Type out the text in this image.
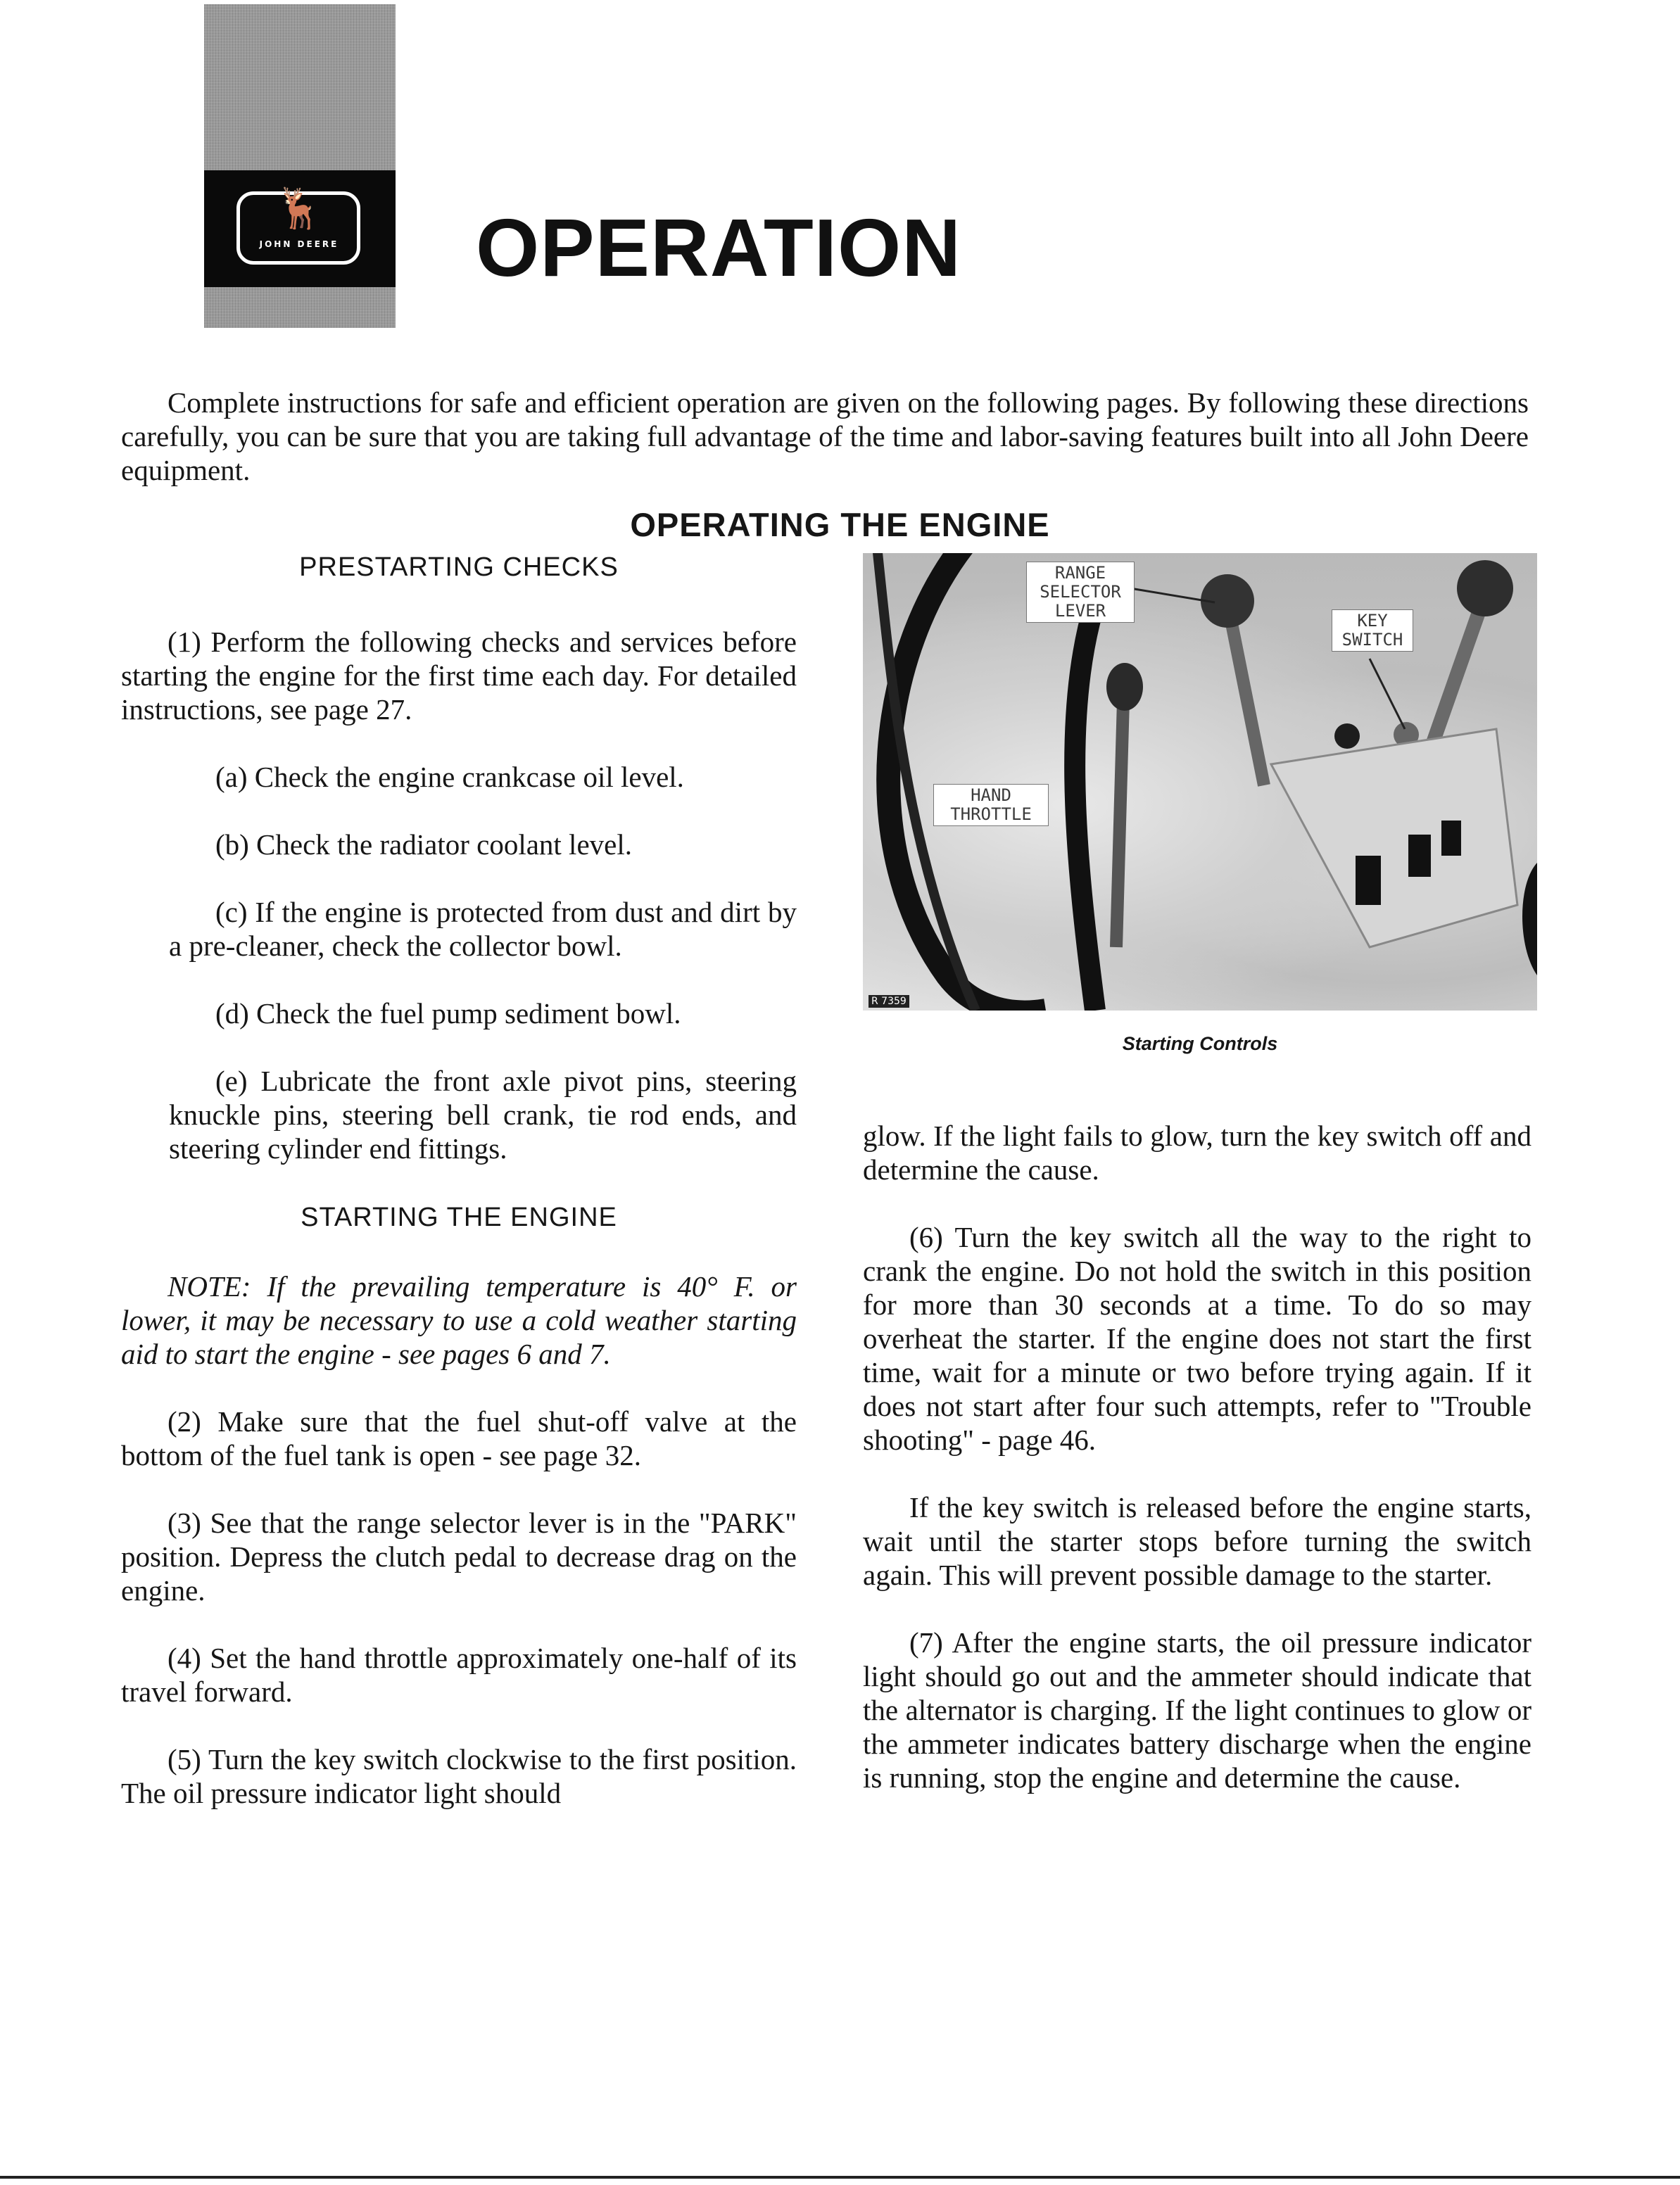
🦌
JOHN DEERE OPERATION

Complete instructions for safe and efficient operation are given on the following pages. By following these directions carefully, you can be sure that you are taking full advantage of the time and labor-saving features built into all John Deere equipment.

OPERATING THE ENGINE
PRESTARTING CHECKS

(1) Perform the following checks and services before starting the engine for the first time each day. For detailed instructions, see page 27.

(a) Check the engine crankcase oil level.

(b) Check the radiator coolant level.

(c) If the engine is protected from dust and dirt by a pre-cleaner, check the collector bowl.

(d) Check the fuel pump sediment bowl.

(e) Lubricate the front axle pivot pins, steering knuckle pins, steering bell crank, tie rod ends, and steering cylinder end fittings.

STARTING THE ENGINE

NOTE: If the prevailing temperature is 40° F. or lower, it may be necessary to use a cold weather starting aid to start the engine - see pages 6 and 7.

(2) Make sure that the fuel shut-off valve at the bottom of the fuel tank is open - see page 32.

(3) See that the range selector lever is in the "PARK" position. Depress the clutch pedal to decrease drag on the engine.

(4) Set the hand throttle approximately one-half of its travel forward.

(5) Turn the key switch clockwise to the first position. The oil pressure indicator light should

RANGE
SELECTOR
LEVER	KEY
SWITCH
HAND
THROTTLE
R 7359

Starting Controls

glow. If the light fails to glow, turn the key switch off and determine the cause.

(6) Turn the key switch all the way to the right to crank the engine. Do not hold the switch in this position for more than 30 seconds at a time. To do so may overheat the starter. If the engine does not start the first time, wait for a minute or two before trying again. If it does not start after four such attempts, refer to "Trouble shooting" - page 46.

If the key switch is released before the engine starts, wait until the starter stops before turning the switch again. This will prevent possible damage to the starter.

(7) After the engine starts, the oil pressure indicator light should go out and the ammeter should indicate that the alternator is charging. If the light continues to glow or the ammeter indicates battery discharge when the engine is running, stop the engine and determine the cause.
